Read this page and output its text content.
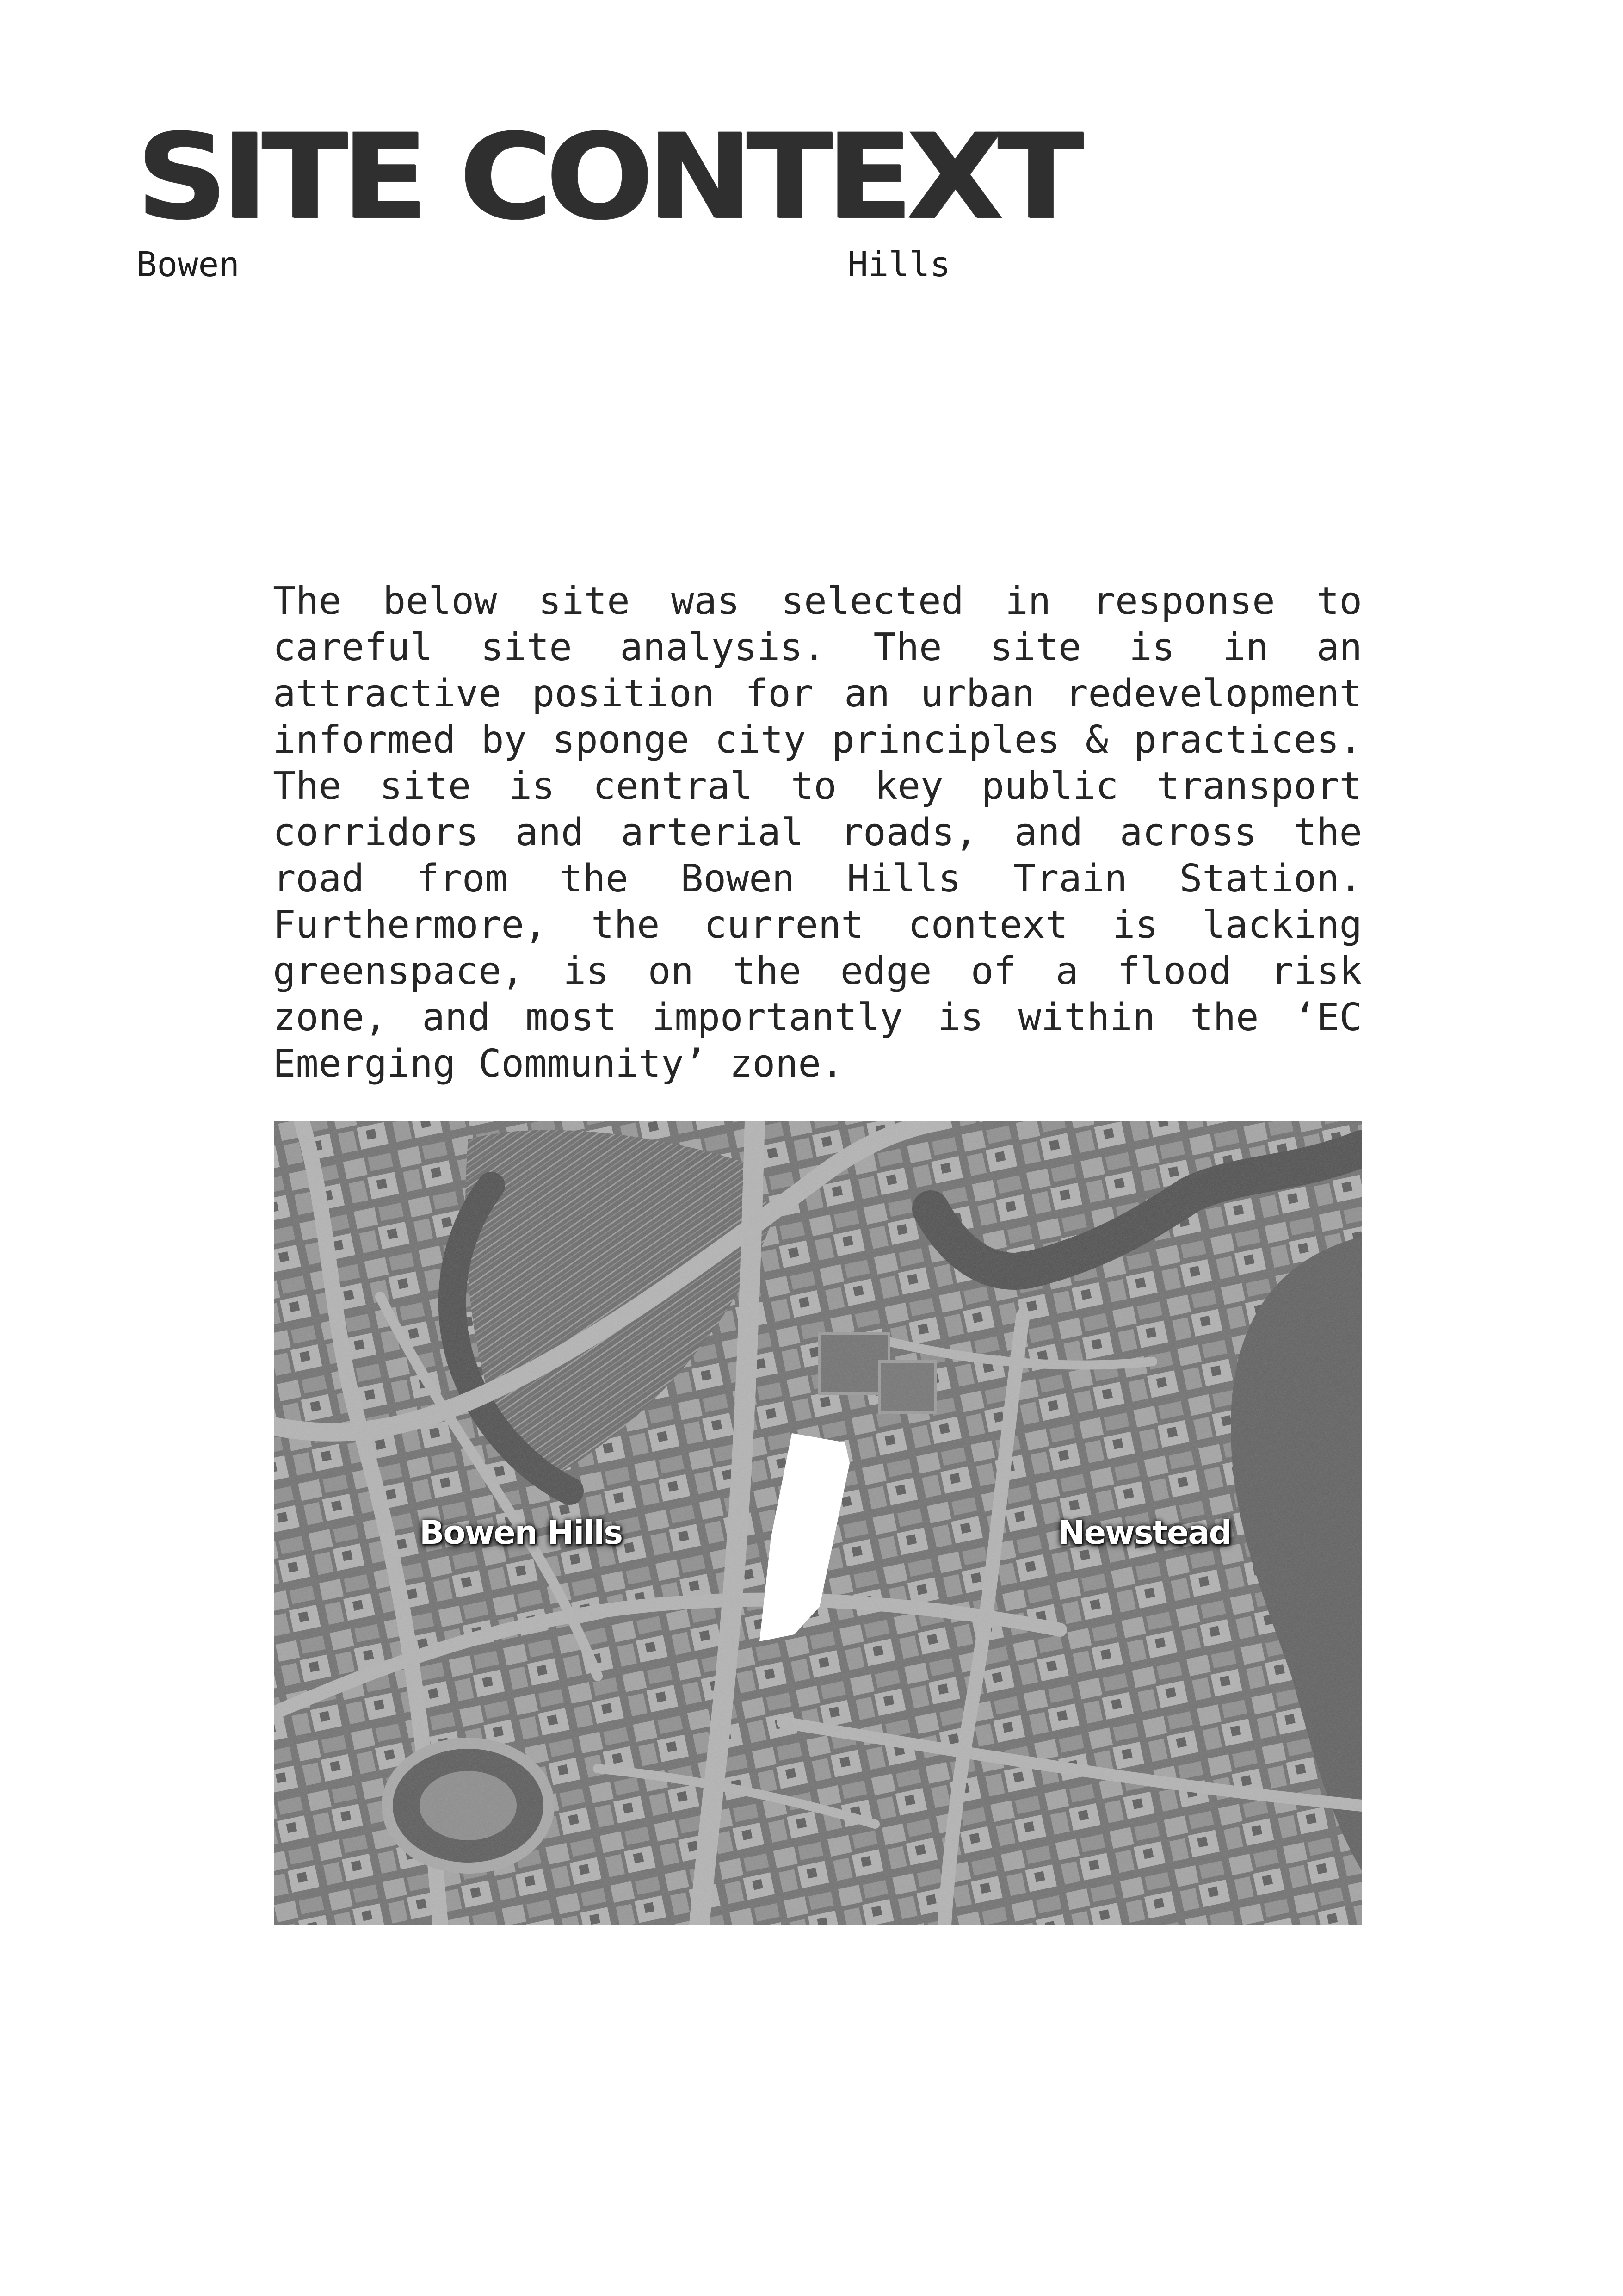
SITE CONTEXT
Bowen	Hills

The below site was selected in response to careful site analysis. The site is in an attractive position for an urban redevelopment informed by sponge city principles & practices. The site is central to key public transport corridors and arterial roads, and across the road from the Bowen Hills Train Station. Furthermore, the current context is lacking greenspace, is on the edge of a flood risk zone, and most importantly is within the ‘EC Emerging Community’ zone.

Bowen Hills	Newstead
